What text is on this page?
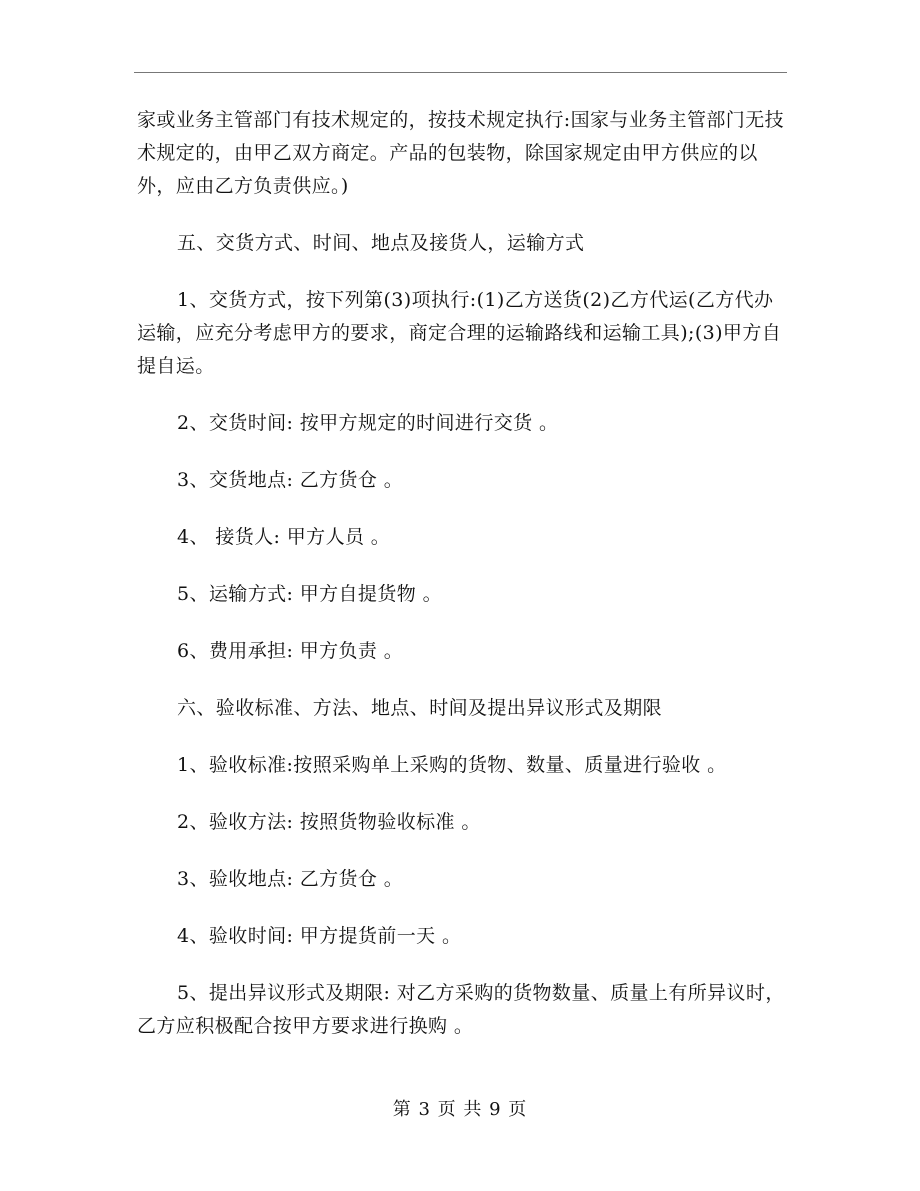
家或业务主管部门有技术规定的，按技术规定执行:国家与业务主管部门无技术规定的，由甲乙双方商定。产品的包装物，除国家规定由甲方供应的以外，应由乙方负责供应。)

五、交货方式、时间、地点及接货人，运输方式

1、交货方式，按下列第(3)项执行:(1)乙方送货(2)乙方代运(乙方代办运输，应充分考虑甲方的要求，商定合理的运输路线和运输工具);(3)甲方自提自运。

2、交货时间: 按甲方规定的时间进行交货 。

3、交货地点: 乙方货仓 。

4、 接货人: 甲方人员 。

5、运输方式: 甲方自提货物 。

6、费用承担: 甲方负责 。

六、验收标准、方法、地点、时间及提出异议形式及期限

1、验收标准:按照采购单上采购的货物、数量、质量进行验收 。

2、验收方法: 按照货物验收标准 。

3、验收地点: 乙方货仓 。

4、验收时间: 甲方提货前一天 。

5、提出异议形式及期限: 对乙方采购的货物数量、质量上有所异议时，乙方应积极配合按甲方要求进行换购 。

第 3 页 共 9 页
